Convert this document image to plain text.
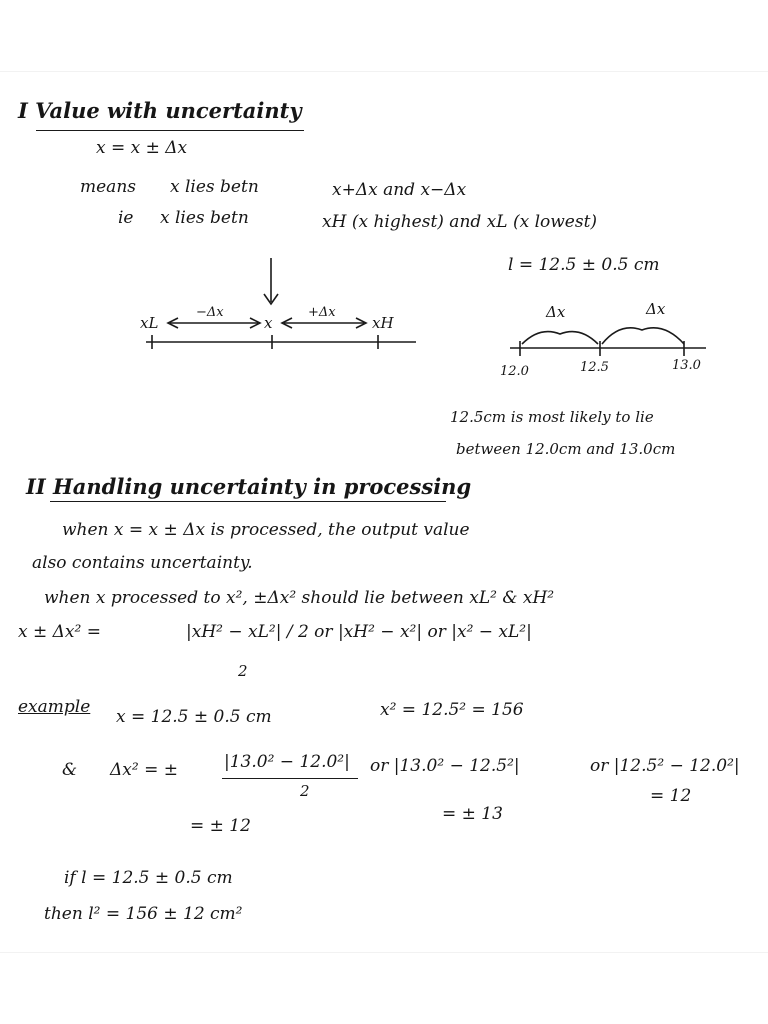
I Value with uncertainty
x = x ± Δx
means x lies betn	x+Δx and x−Δx
ie x lies betn	xH (x highest) and xL (x lowest)
l = 12.5 ± 0.5 cm
xL
−Δx
x
+Δx
xH
Δx	Δx
12.0	12.5	13.0
12.5cm is most likely to lie
between 12.0cm and 13.0cm
II Handling uncertainty in processing
when x = x ± Δx is processed, the output value
also contains uncertainty.
when x processed to x², ±Δx² should lie between xL² & xH²
x ± Δx² =	|xH² − xL²| / 2 or |xH² − x²| or |x² − xL²|
2
example x = 12.5 ± 0.5 cm	x² = 12.5² = 156
& Δx² = ±	|13.0² − 12.0²|
2
or |13.0² − 12.5²|	or |12.5² − 12.0²|
= ± 12
= ± 13
= 12
if l = 12.5 ± 0.5 cm
then l² = 156 ± 12 cm²
